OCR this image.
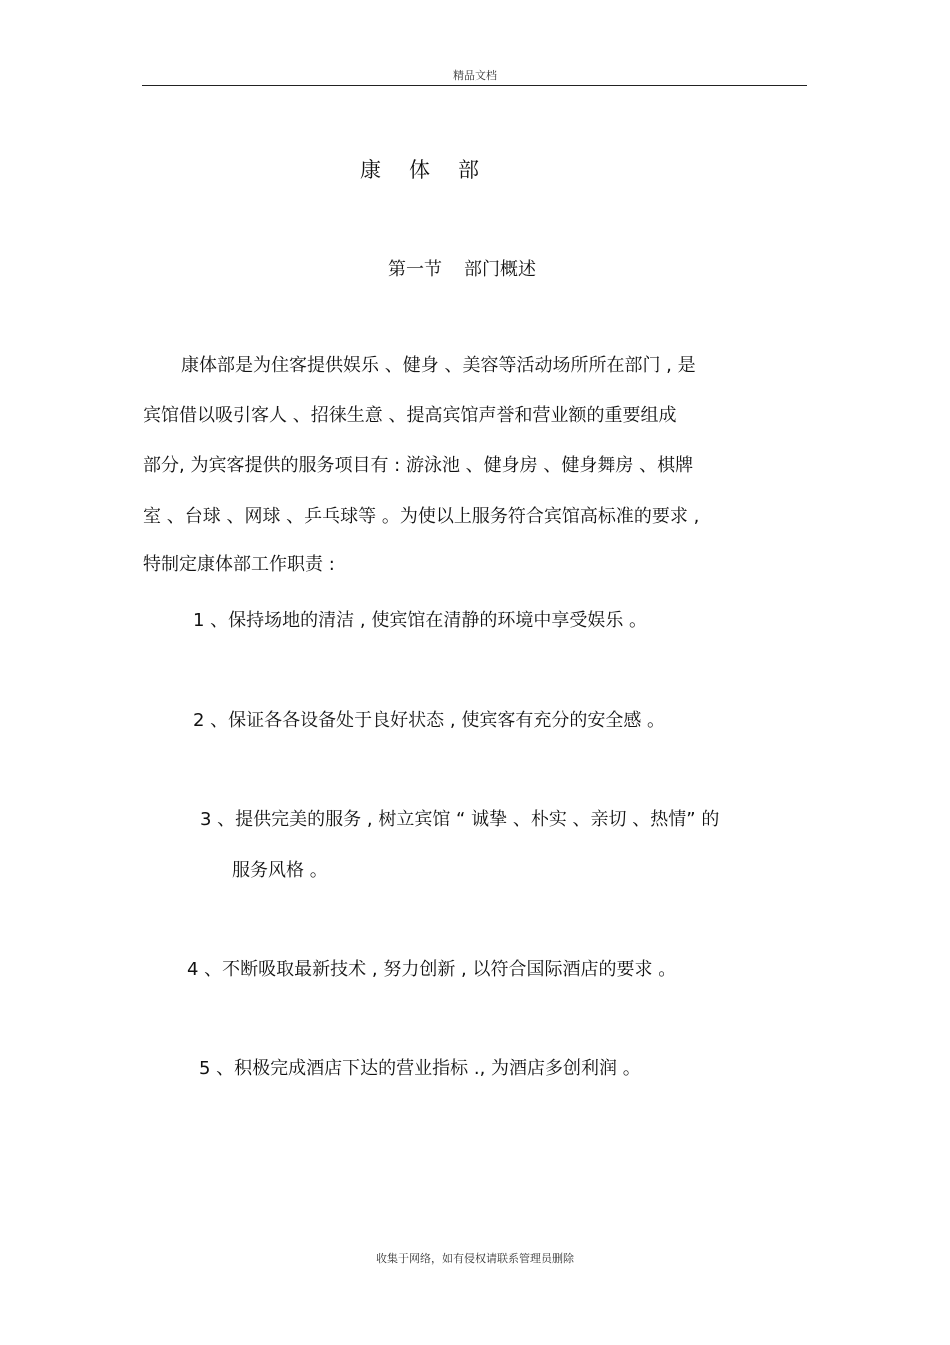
精品文档
康 体 部
第一节 部门概述
康体部是为住客提供娱乐 、健身 、美容等活动场所所在部门 , 是
宾馆借以吸引客人 、招徕生意 、提高宾馆声誉和营业额的重要组成
部分, 为宾客提供的服务项目有 : 游泳池 、健身房 、健身舞房 、棋牌
室 、台球 、网球 、乒乓球等 。为使以上服务符合宾馆高标准的要求 ,
特制定康体部工作职责 :
1 、保持场地的清洁 , 使宾馆在清静的环境中享受娱乐 。
2 、保证各各设备处于良好状态 , 使宾客有充分的安全感 。
3 、提供完美的服务 , 树立宾馆 “ 诚挚 、朴实 、亲切 、热情” 的
服务风格 。
4 、不断吸取最新技术 , 努力创新 , 以符合国际酒店的要求 。
5 、积极完成酒店下达的营业指标 ., 为酒店多创利润 。
收集于网络，如有侵权请联系管理员删除
